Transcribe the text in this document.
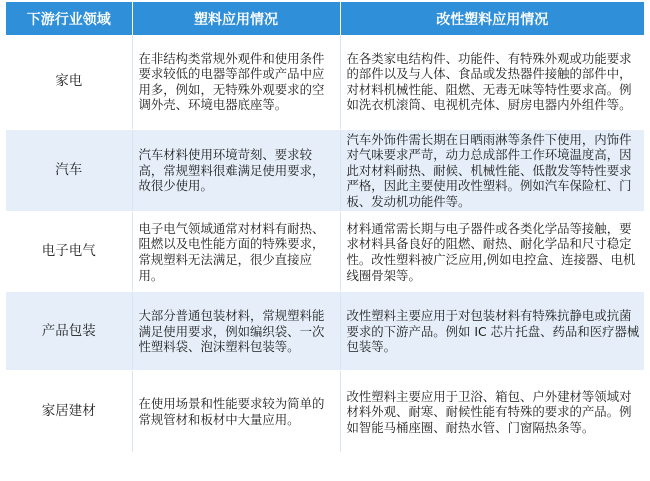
下游行业领域	塑料应用情况	改性塑料应用情况
家电	在非结构类常规外观件和使用条件要求较低的电器等部件或产品中应用多，例如，无特殊外观要求的空调外壳、环境电器底座等。	在各类家电结构件、功能件、有特殊外观或功能要求的部件以及与人体、食品或发热器件接触的部件中，对材料机械性能、阻燃、无毒无味等特性要求高。例如洗衣机滚筒、电视机壳体、厨房电器内外组件等。
汽车	汽车材料使用环境苛刻、要求较高，常规塑料很难满足使用要求，故很少使用。	汽车外饰件需长期在日晒雨淋等条件下使用，内饰件对气味要求严苛，动力总成部件工作环境温度高，因此对材料耐热、耐候、机械性能、低散发等特性要求严格，因此主要使用改性塑料。例如汽车保险杠、门板、发动机功能件等。
电子电气	电子电气领域通常对材料有耐热、阻燃以及电性能方面的特殊要求，常规塑料无法满足，很少直接应用。	材料通常需长期与电子器件或各类化学品等接触，要求材料具备良好的阻燃、耐热、耐化学品和尺寸稳定性。改性塑料被广泛应用,例如电控盒、连接器、电机线圈骨架等。
产品包装	大部分普通包装材料，常规塑料能满足使用要求，例如编织袋、一次性塑料袋、泡沫塑料包装等。	改性塑料主要应用于对包装材料有特殊抗静电或抗菌要求的下游产品。例如 IC 芯片托盘、药品和医疗器械包装等。
家居建材	在使用场景和性能要求较为简单的常规管材和板材中大量应用。	改性塑料主要应用于卫浴、箱包、户外建材等领域对材料外观、耐寒、耐候性能有特殊的要求的产品。例如智能马桶座圈、耐热水管、门窗隔热条等。
